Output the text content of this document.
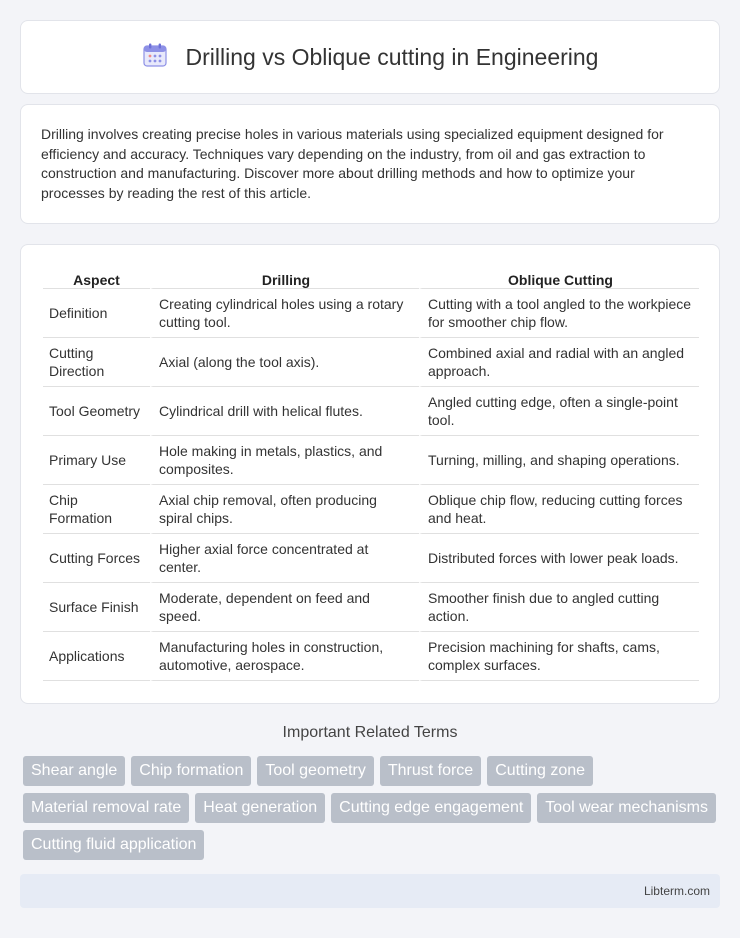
Drilling vs Oblique cutting in Engineering

Drilling involves creating precise holes in various materials using specialized equipment designed for efficiency and accuracy. Techniques vary depending on the industry, from oil and gas extraction to construction and manufacturing. Discover more about drilling methods and how to optimize your processes by reading the rest of this article.

Aspect	Drilling	Oblique Cutting
Definition	Creating cylindrical holes using a rotary cutting tool.	Cutting with a tool angled to the workpiece for smoother chip flow.
Cutting Direction	Axial (along the tool axis).	Combined axial and radial with an angled approach.
Tool Geometry	Cylindrical drill with helical flutes.	Angled cutting edge, often a single-point tool.
Primary Use	Hole making in metals, plastics, and composites.	Turning, milling, and shaping operations.
Chip Formation	Axial chip removal, often producing spiral chips.	Oblique chip flow, reducing cutting forces and heat.
Cutting Forces	Higher axial force concentrated at center.	Distributed forces with lower peak loads.
Surface Finish	Moderate, dependent on feed and speed.	Smoother finish due to angled cutting action.
Applications	Manufacturing holes in construction, automotive, aerospace.	Precision machining for shafts, cams, complex surfaces.
Important Related Terms
Shear angle	Chip formation	Tool geometry	Thrust force	Cutting zone
Material removal rate	Heat generation	Cutting edge engagement	Tool wear mechanisms
Cutting fluid application
Libterm.com
